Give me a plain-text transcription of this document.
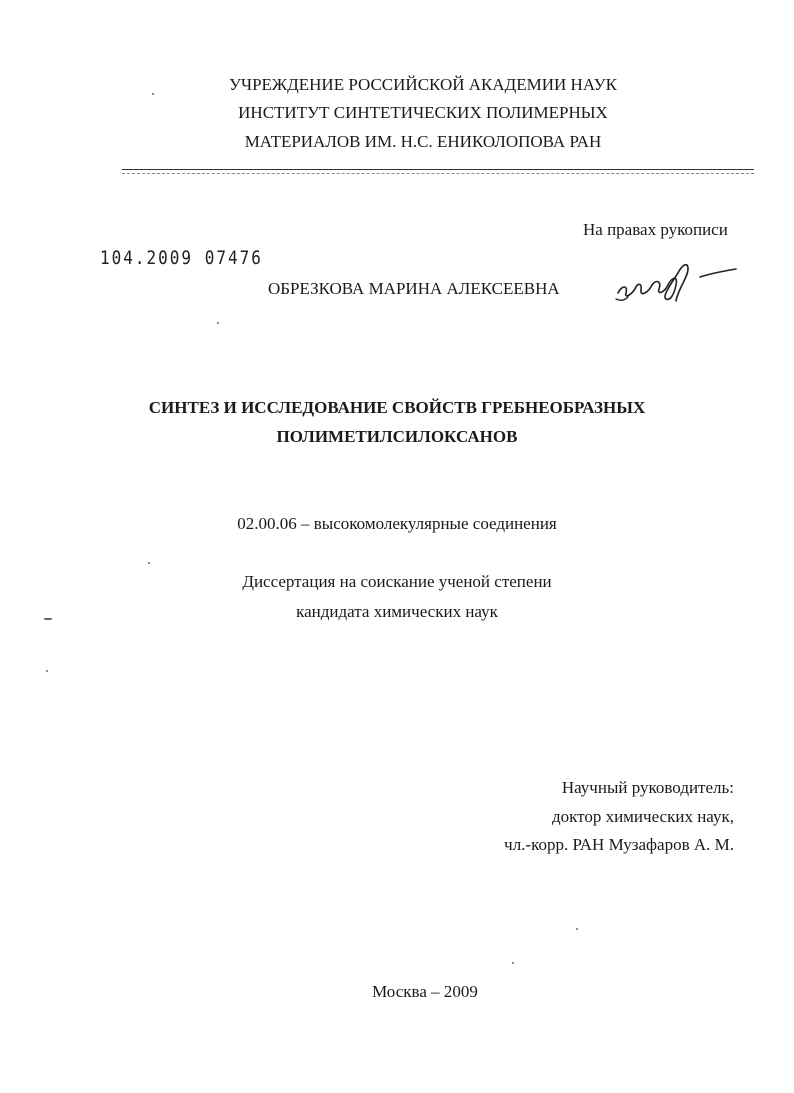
УЧРЕЖДЕНИЕ РОССИЙСКОЙ АКАДЕМИИ НАУК
ИНСТИТУТ СИНТЕТИЧЕСКИХ ПОЛИМЕРНЫХ
МАТЕРИАЛОВ ИМ. Н.С. ЕНИКОЛОПОВА РАН
На правах рукописи
104.2009 07476
ОБРЕЗКОВА МАРИНА АЛЕКСЕЕВНА
СИНТЕЗ И ИССЛЕДОВАНИЕ СВОЙСТВ ГРЕБНЕОБРАЗНЫХ
ПОЛИМЕТИЛСИЛОКСАНОВ
02.00.06 – высокомолекулярные соединения
Диссертация на соискание ученой степени
кандидата химических наук
Научный руководитель:
доктор химических наук,
чл.-корр. РАН Музафаров А. М.
Москва – 2009
